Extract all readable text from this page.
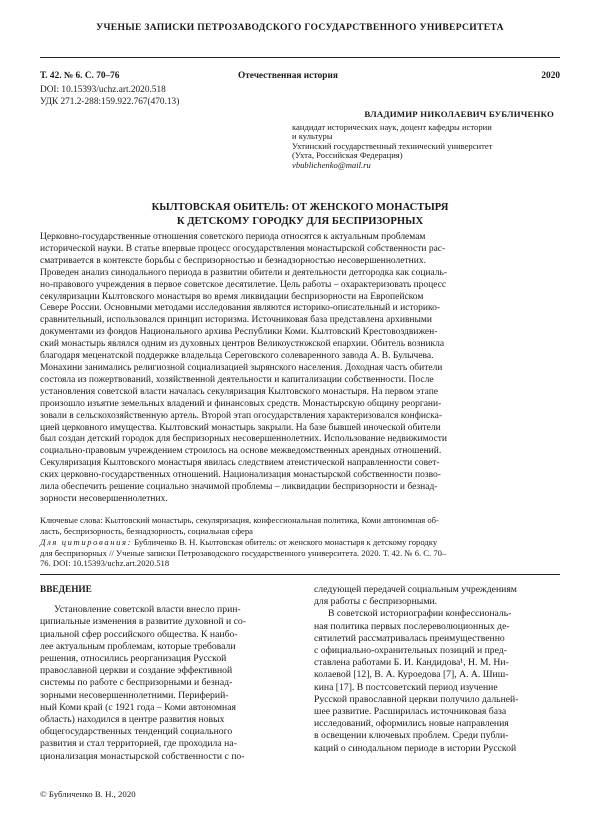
УЧЕНЫЕ ЗАПИСКИ ПЕТРОЗАВОДСКОГО ГОСУДАРСТВЕННОГО УНИВЕРСИТЕТА
Т. 42. № 6. С. 70–76	Отечественная история	2020
DOI: 10.15393/uchz.art.2020.518
УДК 271.2-288:159.922.767(470.13)
ВЛАДИМИР НИКОЛАЕВИЧ БУБЛИЧЕНКО
кандидат исторических наук, доцент кафедры истории
и культуры
Ухтинский государственный технический университет
(Ухта, Российская Федерация)
vbublichenko@mail.ru
КЫЛТОВСКАЯ ОБИТЕЛЬ: ОТ ЖЕНСКОГО МОНАСТЫРЯ
К ДЕТСКОМУ ГОРОДКУ ДЛЯ БЕСПРИЗОРНЫХ
Церковно-государственные отношения советского периода относятся к актуальным проблемам
исторической науки. В статье впервые процесс огосударствления монастырской собственности рас-
сматривается в контексте борьбы с беспризорностью и безнадзорностью несовершеннолетних.
Проведен анализ синодального периода в развитии обители и деятельности детгородка как социаль-
но-правового учреждения в первое советское десятилетие. Цель работы – охарактеризовать процесс
секуляризации Кылтовского монастыря во время ликвидации беспризорности на Европейском
Севере России. Основными методами исследования являются историко-описательный и историко-
сравнительный, использовался принцип историзма. Источниковая база представлена архивными
документами из фондов Национального архива Республики Коми. Кылтовский Крестовоздвижен-
ский монастырь являлся одним из духовных центров Великоустюжской епархии. Обитель возникла
благодаря меценатской поддержке владельца Сереговского солеваренного завода А. В. Булычева.
Монахини занимались религиозной социализацией зырянского населения. Доходная часть обители
состояла из пожертвований, хозяйственной деятельности и капитализации собственности. После
установления советской власти началась секуляризация Кылтовского монастыря. На первом этапе
произошло изъятие земельных владений и финансовых средств. Монастырскую общину реоргани-
зовали в сельскохозяйственную артель. Второй этап огосударствления характеризовался конфиска-
цией церковного имущества. Кылтовский монастырь закрыли. На базе бывшей иноческой обители
был создан детский городок для беспризорных несовершеннолетних. Использование недвижимости
социально-правовым учреждением строилось на основе межведомственных арендных отношений.
Секуляризация Кылтовского монастыря явилась следствием атеистической направленности совет-
ских церковно-государственных отношений. Национализация монастырской собственности позво-
лила обеспечить решение социально значимой проблемы – ликвидации беспризорности и безнад-
зорности несовершеннолетних.
Ключевые слова: Кылтовский монастырь, секуляризация, конфессиональная политика, Коми автономная об-
ласть, беспризорность, безнадзорность, социальная сфера
Для цитирования: Бубличенко В. Н. Кылтовская обитель: от женского монастыря к детскому городку
для беспризорных // Ученые записки Петрозаводского государственного университета. 2020. Т. 42. № 6. С. 70–
76. DOI: 10.15393/uchz.art.2020.518
ВВЕДЕНИЕ
Установление советской власти внесло прин-
ципиальные изменения в развитие духовной и со-
циальной сфер российского общества. К наибо-
лее актуальным проблемам, которые требовали
решения, относились реорганизация Русской
православной церкви и создание эффективной
системы по работе с беспризорными и безнад-
зорными несовершеннолетними. Периферий-
ный Коми край (с 1921 года – Коми автономная
область) находился в центре развития новых
общегосударственных тенденций социального
развития и стал территорией, где проходила на-
ционализация монастырской собственности с по-
следующей передачей социальным учреждениям
для работы с беспризорными.
В советской историографии конфессиональ-
ная политика первых послереволюционных де-
сятилетий рассматривалась преимущественно
с официально-охранительных позиций и пред-
ставлена работами Б. И. Кандидова¹, Н. М. Ни-
колаевой [12], В. А. Куроедова [7], А. А. Шиш-
кина [17]. В постсоветский период изучение
Русской православной церкви получило дальней-
шее развитие. Расширилась источниковая база
исследований, оформились новые направления
в освещении ключевых проблем. Среди публи-
каций о синодальном периоде в истории Русской
© Бубличенко В. Н., 2020
